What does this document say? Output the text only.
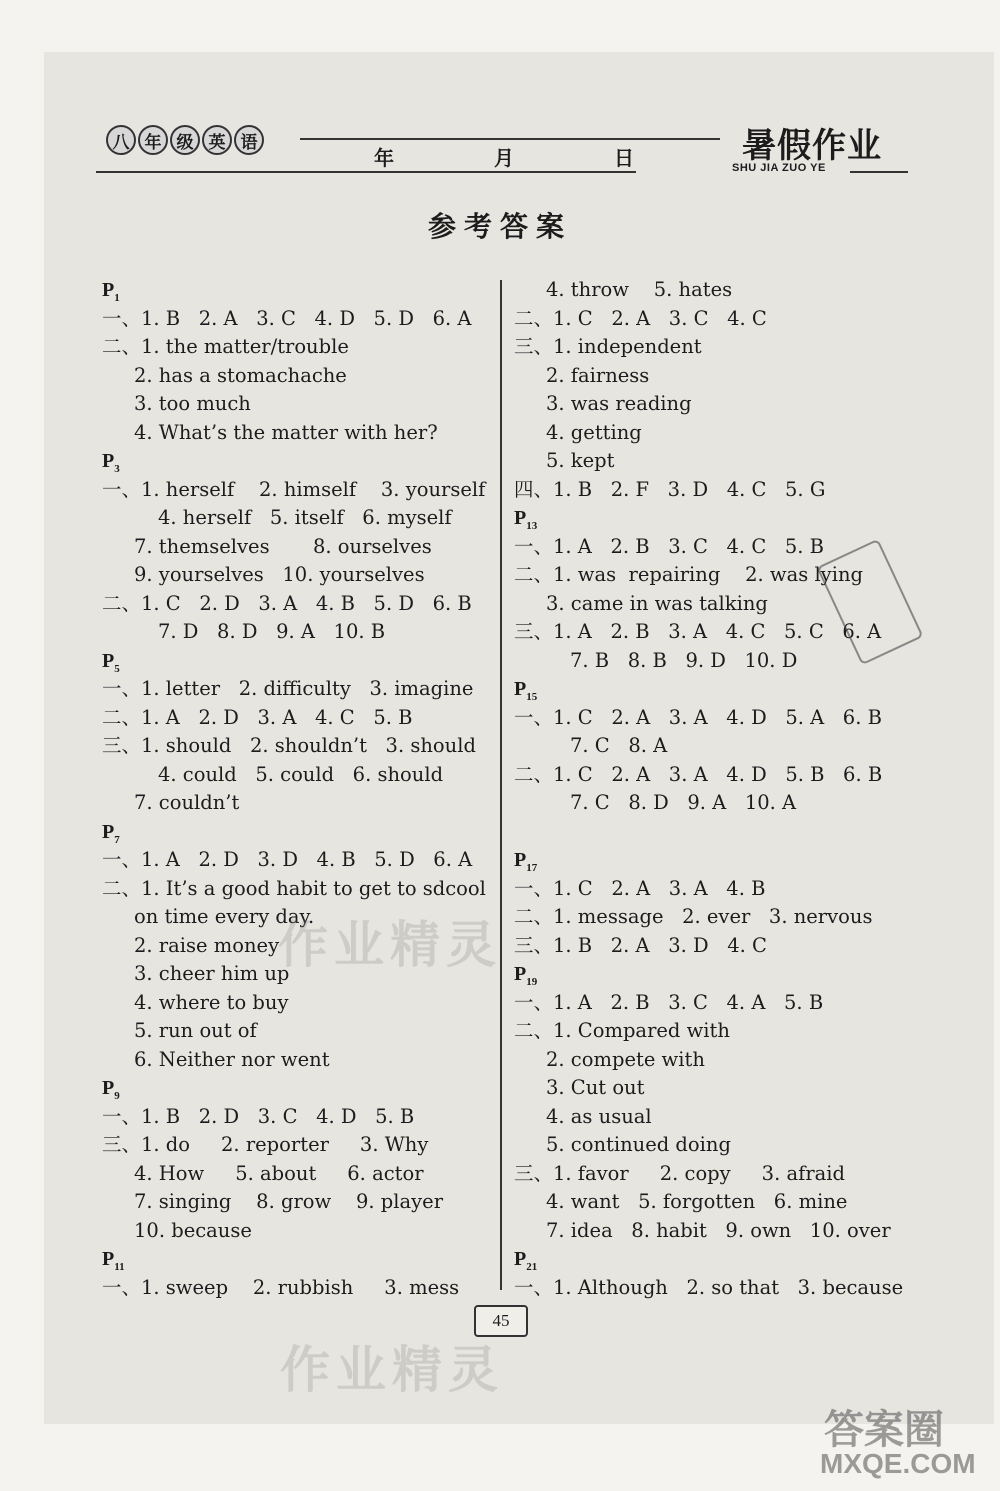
八 年 级 英 语
年	月	日	暑假作业
SHU JIA ZUO YE
参考答案
$P_1$
一、1. B   2. A   3. C   4. D   5. D   6. A
二、1. the matter/trouble
2. has a stomachache
3. too much
4. What’s the matter with her?
$P_3$
一、1. herself    2. himself    3. yourself
4. herself   5. itself   6. myself
7. themselves       8. ourselves
9. yourselves   10. yourselves
二、1. C   2. D   3. A   4. B   5. D   6. B
7. D   8. D   9. A   10. B
$P_5$
一、1. letter   2. difficulty   3. imagine
二、1. A   2. D   3. A   4. C   5. B
三、1. should   2. shouldn’t   3. should
4. could   5. could   6. should
7. couldn’t
$P_7$
一、1. A   2. D   3. D   4. B   5. D   6. A
二、1. It’s a good habit to get to sdcool
on time every day.
2. raise money
3. cheer him up
4. where to buy
5. run out of
6. Neither nor went
$P_9$
一、1. B   2. D   3. C   4. D   5. B
三、1. do     2. reporter     3. Why
4. How     5. about     6. actor
7. singing    8. grow    9. player
10. because
$P_{11}$
一、1. sweep    2. rubbish     3. mess
4. throw    5. hates
二、1. C   2. A   3. C   4. C
三、1. independent
2. fairness
3. was reading
4. getting
5. kept
四、1. B   2. F   3. D   4. C   5. G
$P_{13}$
一、1. A   2. B   3. C   4. C   5. B
二、1. was  repairing    2. was lying
3. came in was talking
三、1. A   2. B   3. A   4. C   5. C   6. A
7. B   8. B   9. D   10. D
$P_{15}$
一、1. C   2. A   3. A   4. D   5. A   6. B
7. C   8. A
二、1. C   2. A   3. A   4. D   5. B   6. B
7. C   8. D   9. A   10. A
$P_{17}$
一、1. C   2. A   3. A   4. B
二、1. message   2. ever   3. nervous
三、1. B   2. A   3. D   4. C
$P_{19}$
一、1. A   2. B   3. C   4. A   5. B
二、1. Compared with
2. compete with
3. Cut out
4. as usual
5. continued doing
三、1. favor     2. copy     3. afraid
4. want   5. forgotten   6. mine
7. idea   8. habit   9. own   10. over
$P_{21}$
一、1. Although   2. so that   3. because
作业精灵
作业精灵
45
答案圈
MXQE.COM
